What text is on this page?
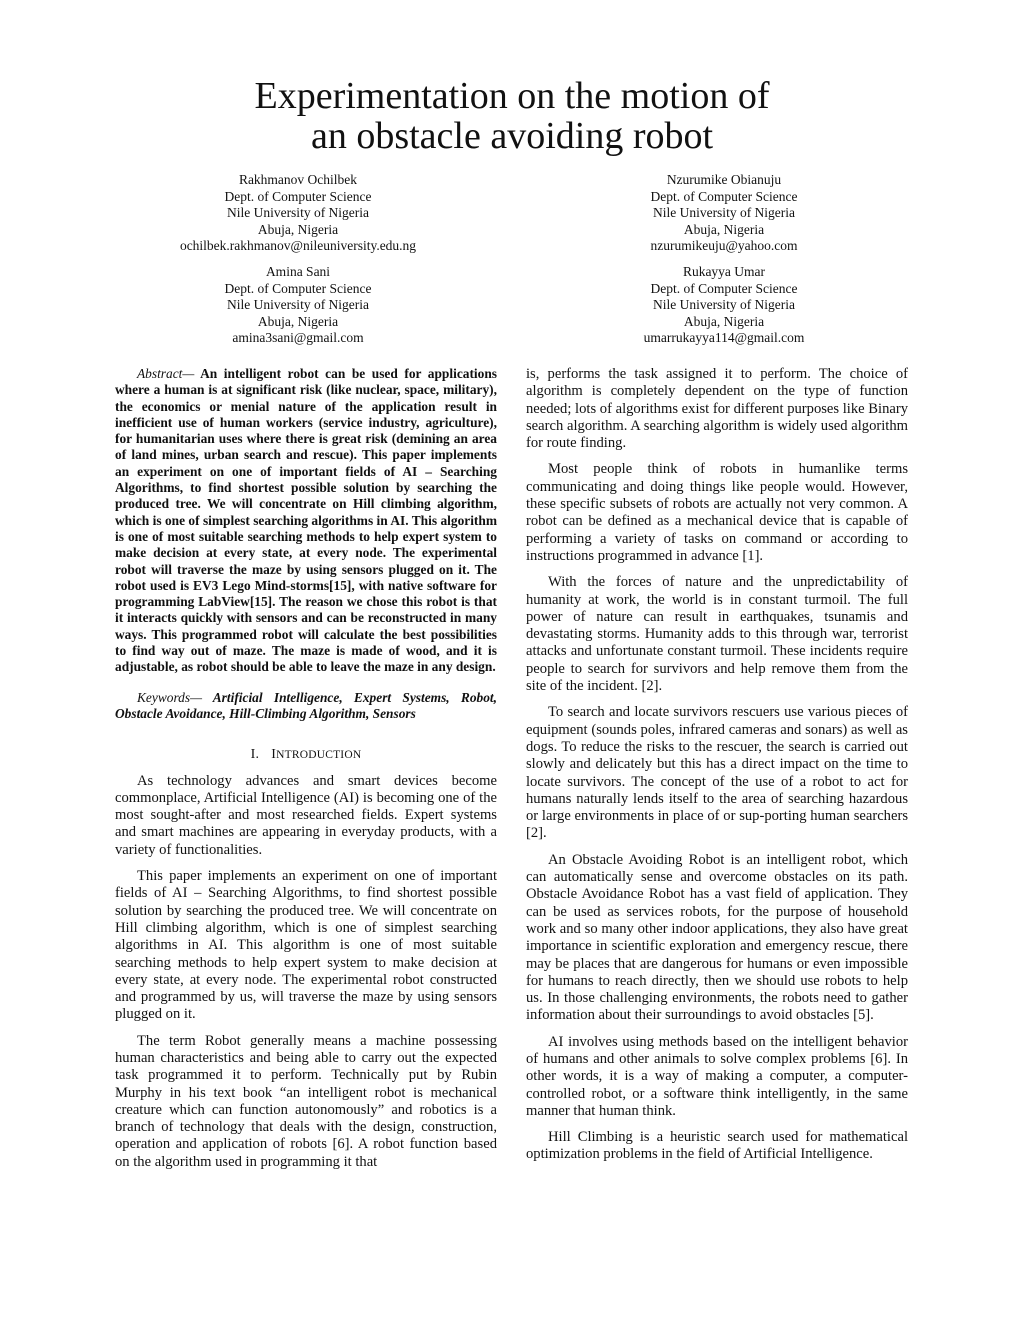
Experimentation on the motion of
an obstacle avoiding robot
Rakhmanov Ochilbek
Dept. of Computer Science
Nile University of Nigeria
Abuja, Nigeria
ochilbek.rakhmanov@nileuniversity.edu.ng
Nzurumike Obianuju
Dept. of Computer Science
Nile University of Nigeria
Abuja, Nigeria
nzurumikeuju@yahoo.com
Amina Sani
Dept. of Computer Science
Nile University of Nigeria
Abuja, Nigeria
amina3sani@gmail.com
Rukayya Umar
Dept. of Computer Science
Nile University of Nigeria
Abuja, Nigeria
umarrukayya114@gmail.com

Abstract— An intelligent robot can be used for applications where a human is at significant risk (like nuclear, space, military), the economics or menial nature of the application result in inefficient use of human workers (service industry, agriculture), for humanitarian uses where there is great risk (demining an area of land mines, urban search and rescue). This paper implements an experiment on one of important fields of AI – Searching Algorithms, to find shortest possible solution by searching the produced tree. We will concentrate on Hill climbing algorithm, which is one of simplest searching algorithms in AI. This algorithm is one of most suitable searching methods to help expert system to make decision at every state, at every node. The experimental robot will traverse the maze by using sensors plugged on it. The robot used is EV3 Lego Mind-storms[15], with native software for programming LabView[15]. The reason we chose this robot is that it interacts quickly with sensors and can be reconstructed in many ways. This programmed robot will calculate the best possibilities to find way out of maze. The maze is made of wood, and it is adjustable, as robot should be able to leave the maze in any design.

Keywords— Artificial Intelligence, Expert Systems, Robot, Obstacle Avoidance, Hill-Climbing Algorithm, Sensors

I. INTRODUCTION

As technology advances and smart devices become commonplace, Artificial Intelligence (AI) is becoming one of the most sought-after and most researched fields. Expert systems and smart machines are appearing in everyday products, with a variety of functionalities.

This paper implements an experiment on one of important fields of AI – Searching Algorithms, to find shortest possible solution by searching the produced tree. We will concentrate on Hill climbing algorithm, which is one of simplest searching algorithms in AI. This algorithm is one of most suitable searching methods to help expert system to make decision at every state, at every node. The experimental robot constructed and programmed by us, will traverse the maze by using sensors plugged on it.

The term Robot generally means a machine possessing human characteristics and being able to carry out the expected task programmed it to perform. Technically put by Rubin Murphy in his text book “an intelligent robot is mechanical creature which can function autonomously” and robotics is a branch of technology that deals with the design, construction, operation and application of robots [6]. A robot function based on the algorithm used in programming it that

is, performs the task assigned it to perform. The choice of algorithm is completely dependent on the type of function needed; lots of algorithms exist for different purposes like Binary search algorithm. A searching algorithm is widely used algorithm for route finding.

Most people think of robots in humanlike terms communicating and doing things like people would. However, these specific subsets of robots are actually not very common. A robot can be defined as a mechanical device that is capable of performing a variety of tasks on command or according to instructions programmed in advance [1].

With the forces of nature and the unpredictability of humanity at work, the world is in constant turmoil. The full power of nature can result in earthquakes, tsunamis and devastating storms. Humanity adds to this through war, terrorist attacks and unfortunate constant turmoil. These incidents require people to search for survivors and help remove them from the site of the incident. [2].

To search and locate survivors rescuers use various pieces of equipment (sounds poles, infrared cameras and sonars) as well as dogs. To reduce the risks to the rescuer, the search is carried out slowly and delicately but this has a direct impact on the time to locate survivors. The concept of the use of a robot to act for humans naturally lends itself to the area of searching hazardous or large environments in place of or sup-porting human searchers [2].

An Obstacle Avoiding Robot is an intelligent robot, which can automatically sense and overcome obstacles on its path. Obstacle Avoidance Robot has a vast field of application. They can be used as services robots, for the purpose of household work and so many other indoor applications, they also have great importance in scientific exploration and emergency rescue, there may be places that are dangerous for humans or even impossible for humans to reach directly, then we should use robots to help us. In those challenging environments, the robots need to gather information about their surroundings to avoid obstacles [5].

AI involves using methods based on the intelligent behavior of humans and other animals to solve complex problems [6]. In other words, it is a way of making a computer, a computer-controlled robot, or a software think intelligently, in the same manner that human think.

Hill Climbing is a heuristic search used for mathematical optimization problems in the field of Artificial Intelligence.
